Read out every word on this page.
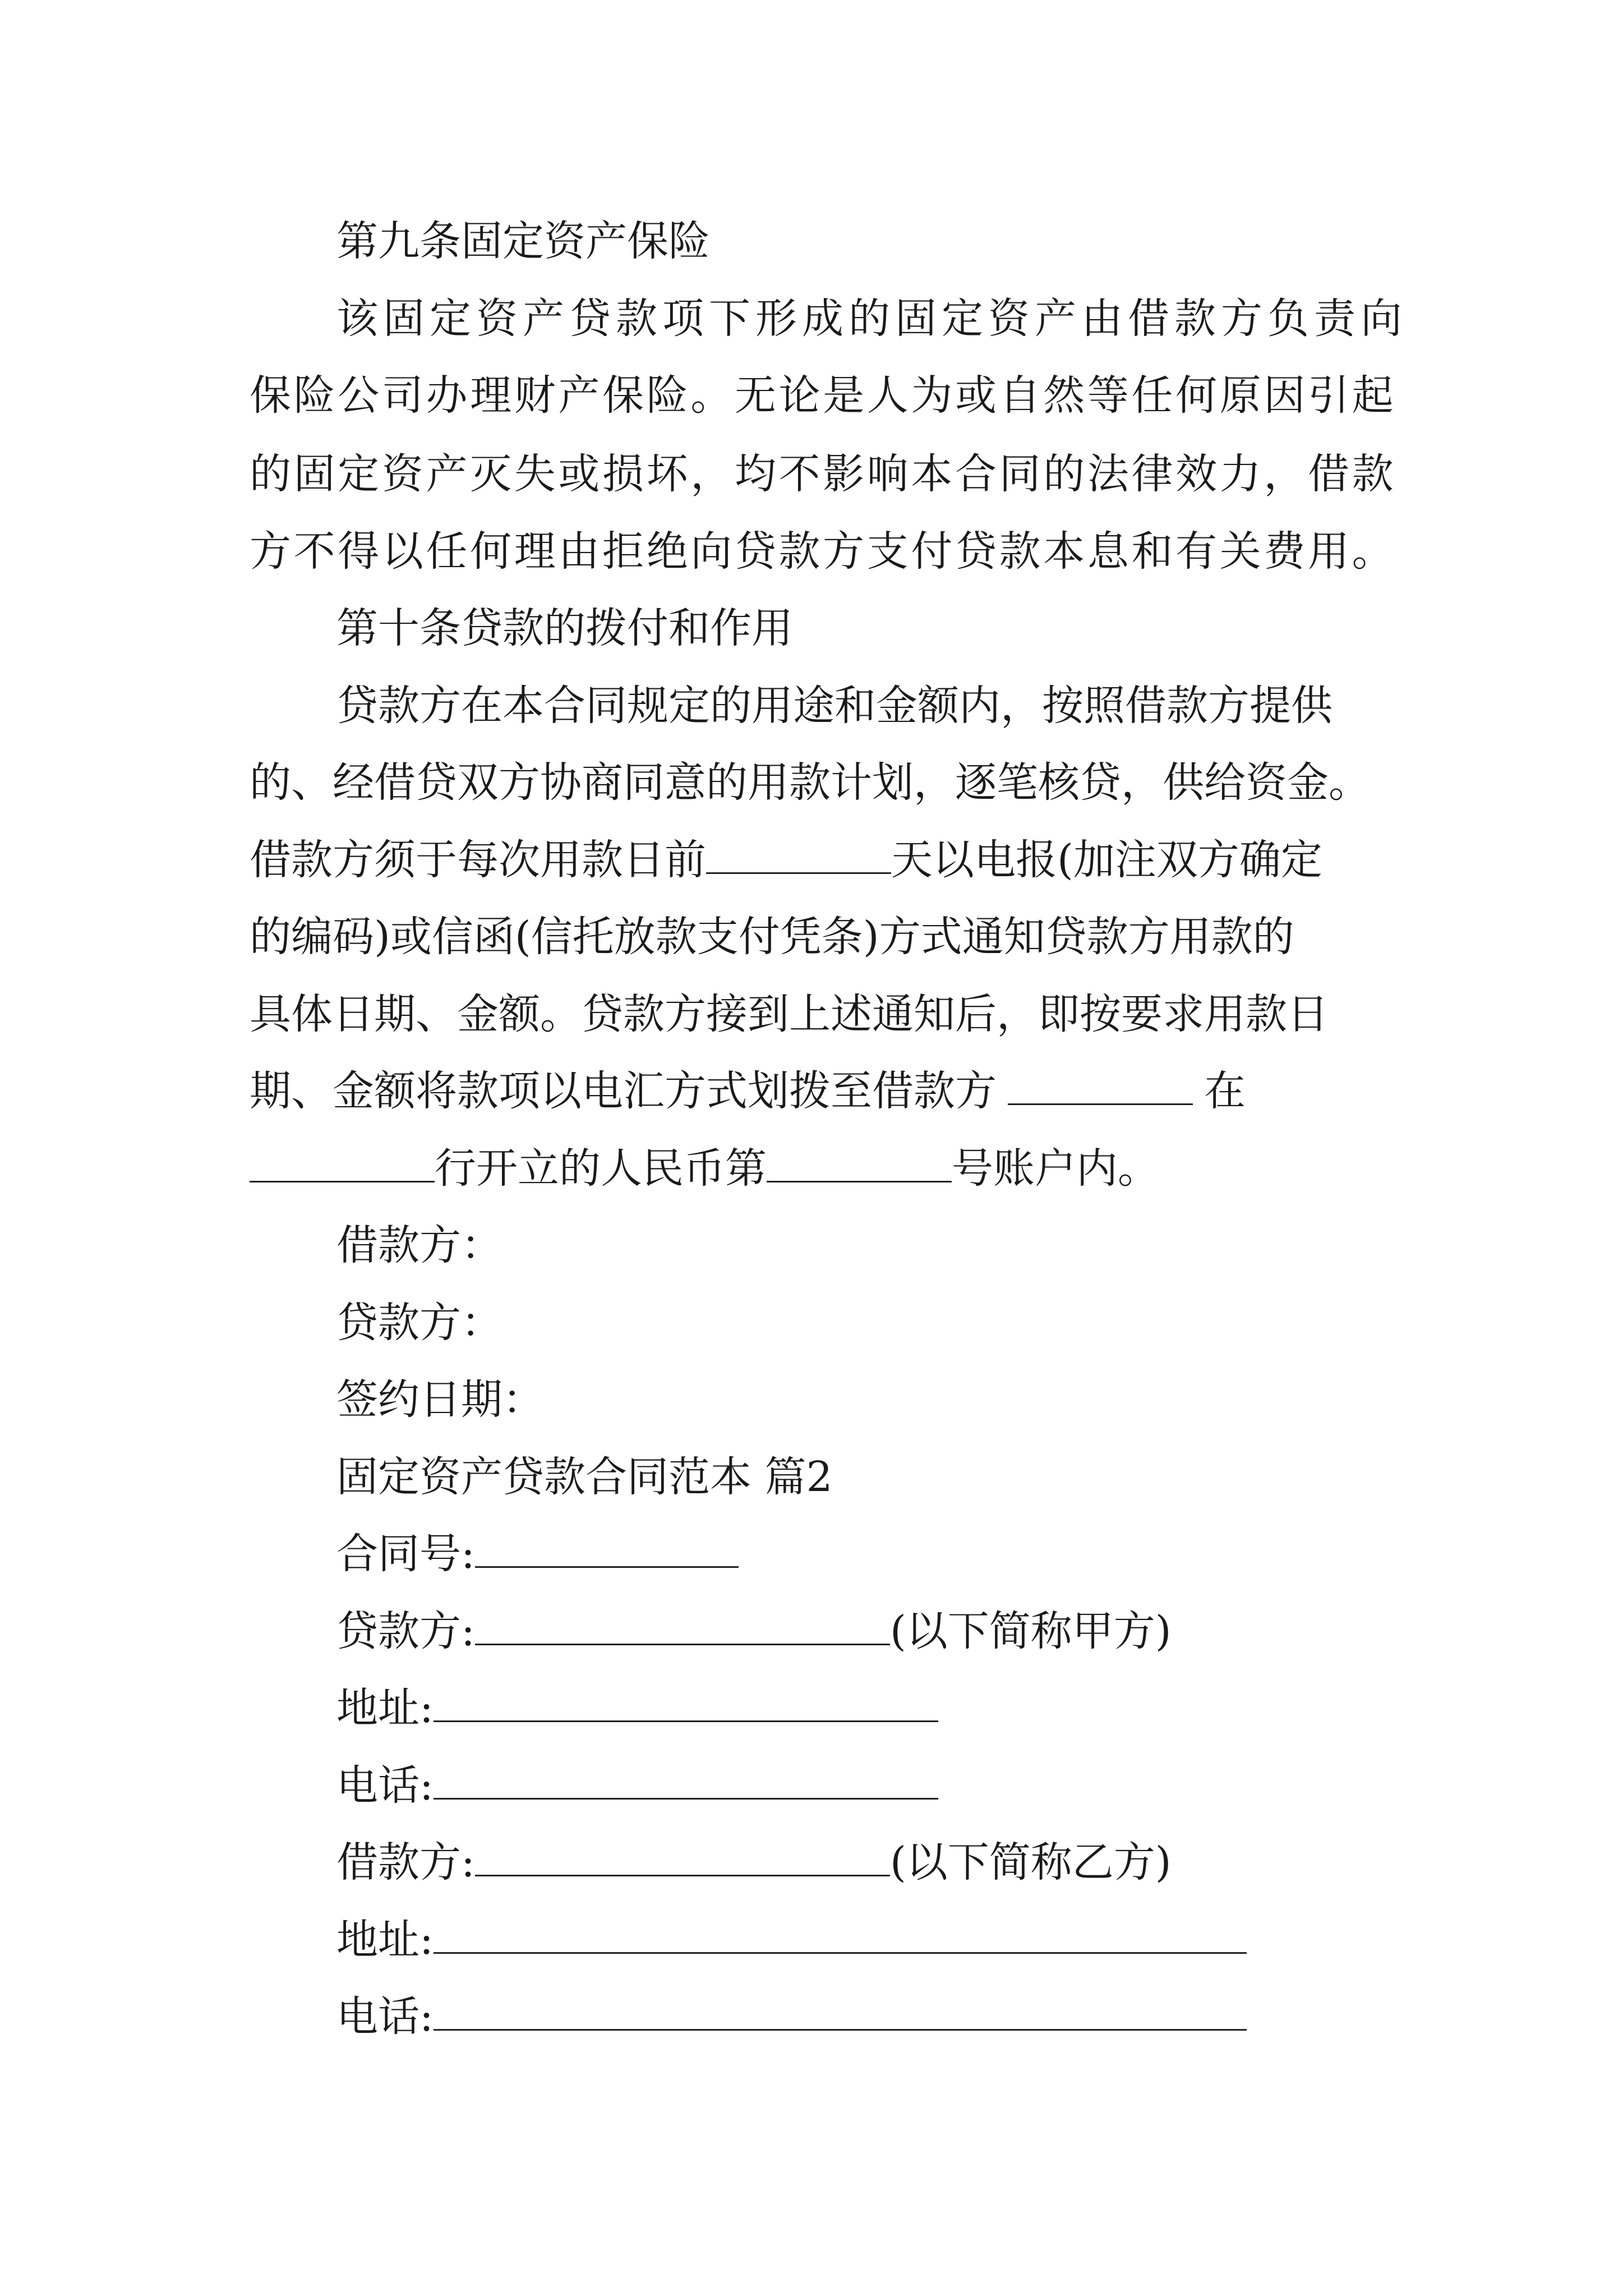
第九条固定资产保险
该 固 定 资 产 贷 款 项 下 形 成 的 固 定 资 产 由 借 款 方 负 责 向
保 险 公 司 办 理 财 产 保 险 。 无 论 是 人 为 或 自 然 等 任 何 原 因 引 起
的 固 定 资 产 灭 失 或 损 坏 ， 均 不 影 响 本 合 同 的 法 律 效 力 ， 借 款
方 不 得 以 任 何 理 由 拒 绝 向 贷 款 方 支 付 贷 款 本 息 和 有 关 费 用 。
第十条贷款的拨付和作用
贷款方在本合同规定的用途和金额内，按照借款方提供
的、经借贷双方协商同意的用款计划，逐笔核贷，供给资金。
借款方须于每次用款日前	天以电报(加注双方确定
的编码)或信函(信托放款支付凭条)方式通知贷款方用款的
具体日期、金额。贷款方接到上述通知后，即按要求用款日
期、金额将款项以电汇方式划拨至借款方	在
行开立的人民币第	号账户内。
借款方：
贷款方：
签约日期：
固定资产贷款合同范本 篇2
合同号:
贷款方:	(以下简称甲方)
地址:
电话:
借款方:	(以下简称乙方)
地址:
电话:
